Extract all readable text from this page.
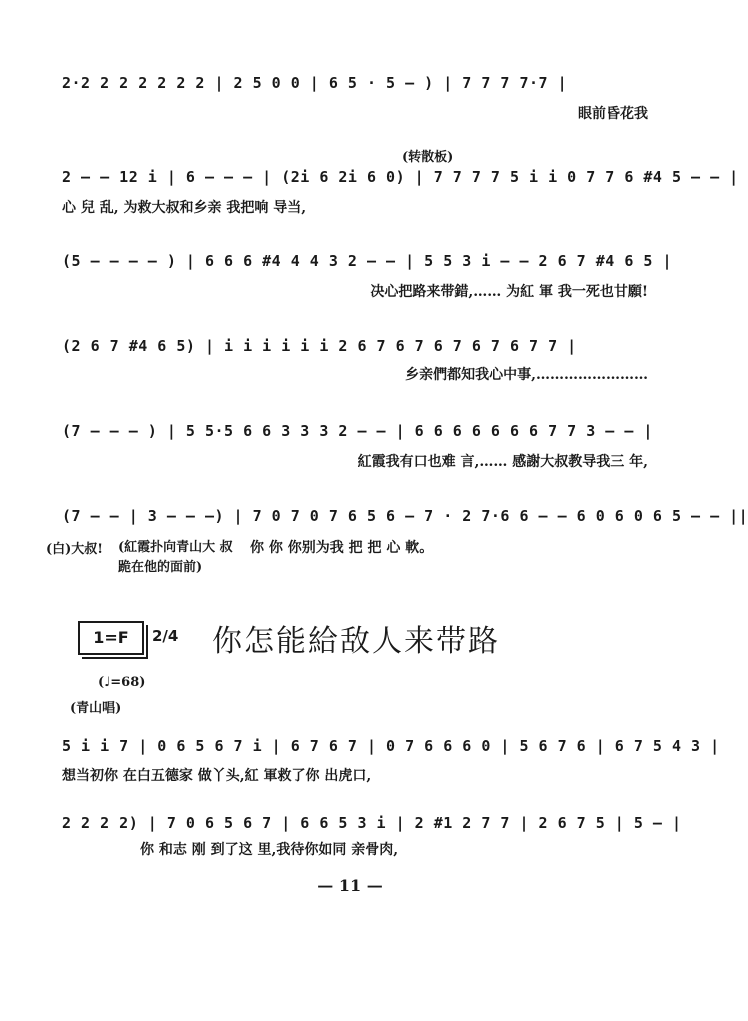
2·2 2 2 2 2 2 2 | 2 5 0 0 | 6 5 · 5 — ) | 7 7 7 7·7 |
眼前昏花我
(转散板)
2 — — 12 i | 6 — — — | (2i 6 2i 6 0) | 7 7 7 7 5 i i 0 7 7 6 #4 5 — — |
心 兒 乱, 为救大叔和乡亲 我把响 导当,
(5 — — — — ) | 6 6 6 #4 4 4 3 2 — — | 5 5 3 i — — 2 6 7 #4 6 5 |
决心把路来带錯,…… 为紅 軍 我一死也甘願!
(2 6 7 #4 6 5) | i i i i i i 2 6 7 6 7 6 7 6 7 6 7 7 |
乡亲們都知我心中事,……………………
(7 — — — ) | 5 5·5 6 6 3 3 3 2 — — | 6 6 6 6 6 6 6 7 7 3 — — |
紅霞我有口也难 言,…… 感謝大叔教导我三 年,
(7 — — | 3 — — —) | 7 0 7 0 7 6 5 6 — 7 · 2 7·6 6 — — 6 0 6 0 6 5 — — ||
(白)大叔! (紅霞扑向青山大 叔跪在他的面前)
你 你 你别为我 把 把 心 軟。
1=F	2/4 你怎能給敌人来带路
(♩=68)
(青山唱)
5 i i 7 | 0 6 5 6 7 i | 6 7 6 7 | 0 7 6 6 6 0 | 5 6 7 6 | 6 7 5 4 3 |
想当初你 在白五德家 做丫头,紅 軍救了你 出虎口,
2 2 2 2) | 7 0 6 5 6 7 | 6 6 5 3 i | 2 #1 2 7 7 | 2 6 7 5 | 5 — |
你 和志 刚 到了这 里,我待你如同 亲骨肉,
— 11 —
